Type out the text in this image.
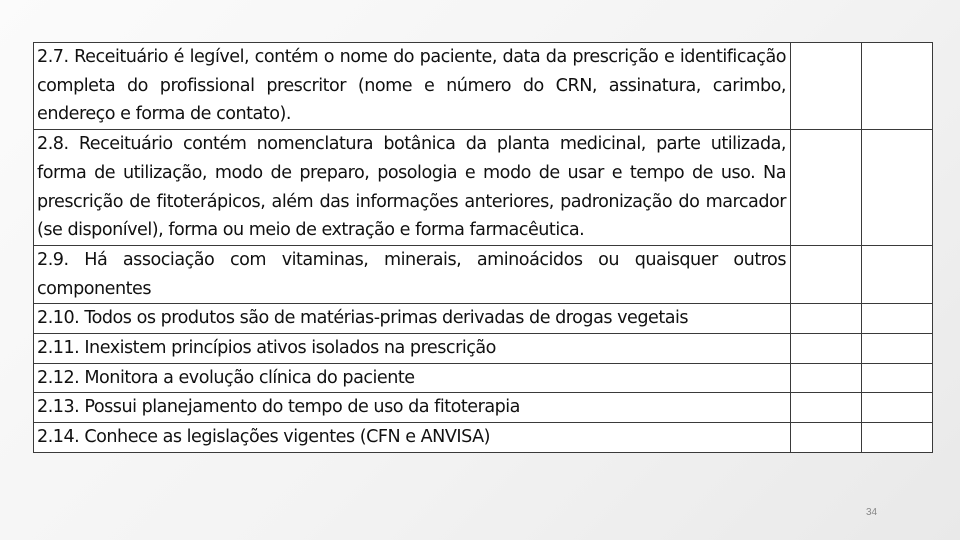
2.7. Receituário é legível, contém o nome do paciente, data da prescrição e identificação completa do profissional prescritor (nome e número do CRN, assinatura, carimbo, endereço e forma de contato).		
2.8. Receituário contém nomenclatura botânica da planta medicinal, parte utilizada, forma de utilização, modo de preparo, posologia e modo de usar e tempo de uso. Na prescrição de fitoterápicos, além das informações anteriores, padronização do marcador (se disponível), forma ou meio de extração e forma farmacêutica.		
2.9. Há associação com vitaminas, minerais, aminoácidos ou quaisquer outros componentes		
2.10. Todos os produtos são de matérias-primas derivadas de drogas vegetais		
2.11. Inexistem princípios ativos isolados na prescrição		
2.12. Monitora a evolução clínica do paciente		
2.13. Possui planejamento do tempo de uso da fitoterapia		
2.14. Conhece as legislações vigentes (CFN e ANVISA)		
34
